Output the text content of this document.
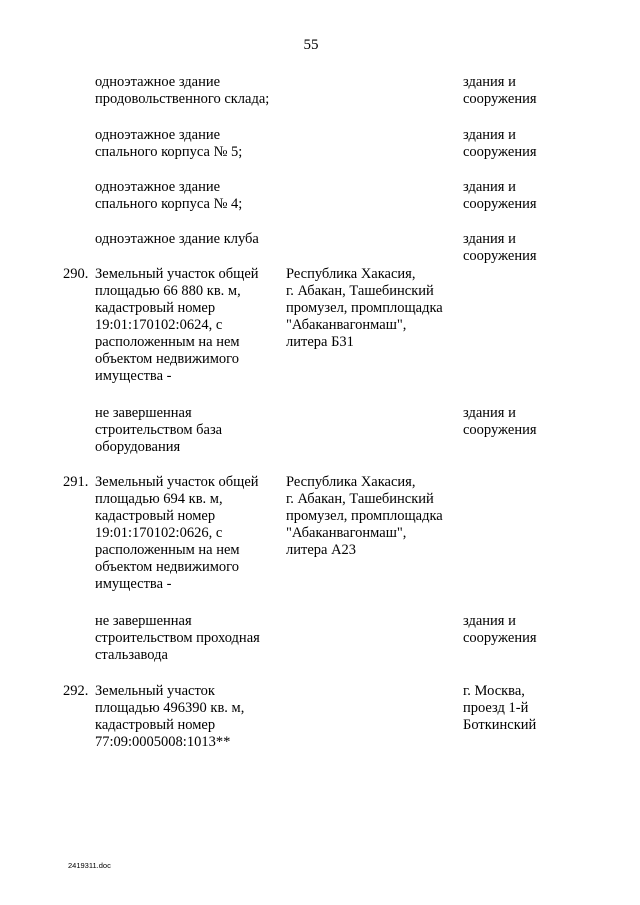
55
одноэтажное здание
продовольственного склада;
здания и
сооружения
одноэтажное здание
спального корпуса № 5;
здания и
сооружения
одноэтажное здание
спального корпуса № 4;
здания и
сооружения
одноэтажное здание клуба	здания и
сооружения
290. Земельный участок общей
площадью 66 880 кв. м,
кадастровый номер
19:01:170102:0624, с
расположенным на нем
объектом недвижимого
имущества -
Республика Хакасия,
г. Абакан, Ташебинский
промузел, промплощадка
"Абаканвагонмаш",
литера Б31
не завершенная
строительством база
оборудования
здания и
сооружения
291. Земельный участок общей
площадью 694 кв. м,
кадастровый номер
19:01:170102:0626, с
расположенным на нем
объектом недвижимого
имущества -
Республика Хакасия,
г. Абакан, Ташебинский
промузел, промплощадка
"Абаканвагонмаш",
литера А23
не завершенная
строительством проходная
стальзавода
здания и
сооружения
292. Земельный участок
площадью 496390 кв. м,
кадастровый номер
77:09:0005008:1013**
г. Москва,
проезд 1-й
Боткинский
2419311.doc
